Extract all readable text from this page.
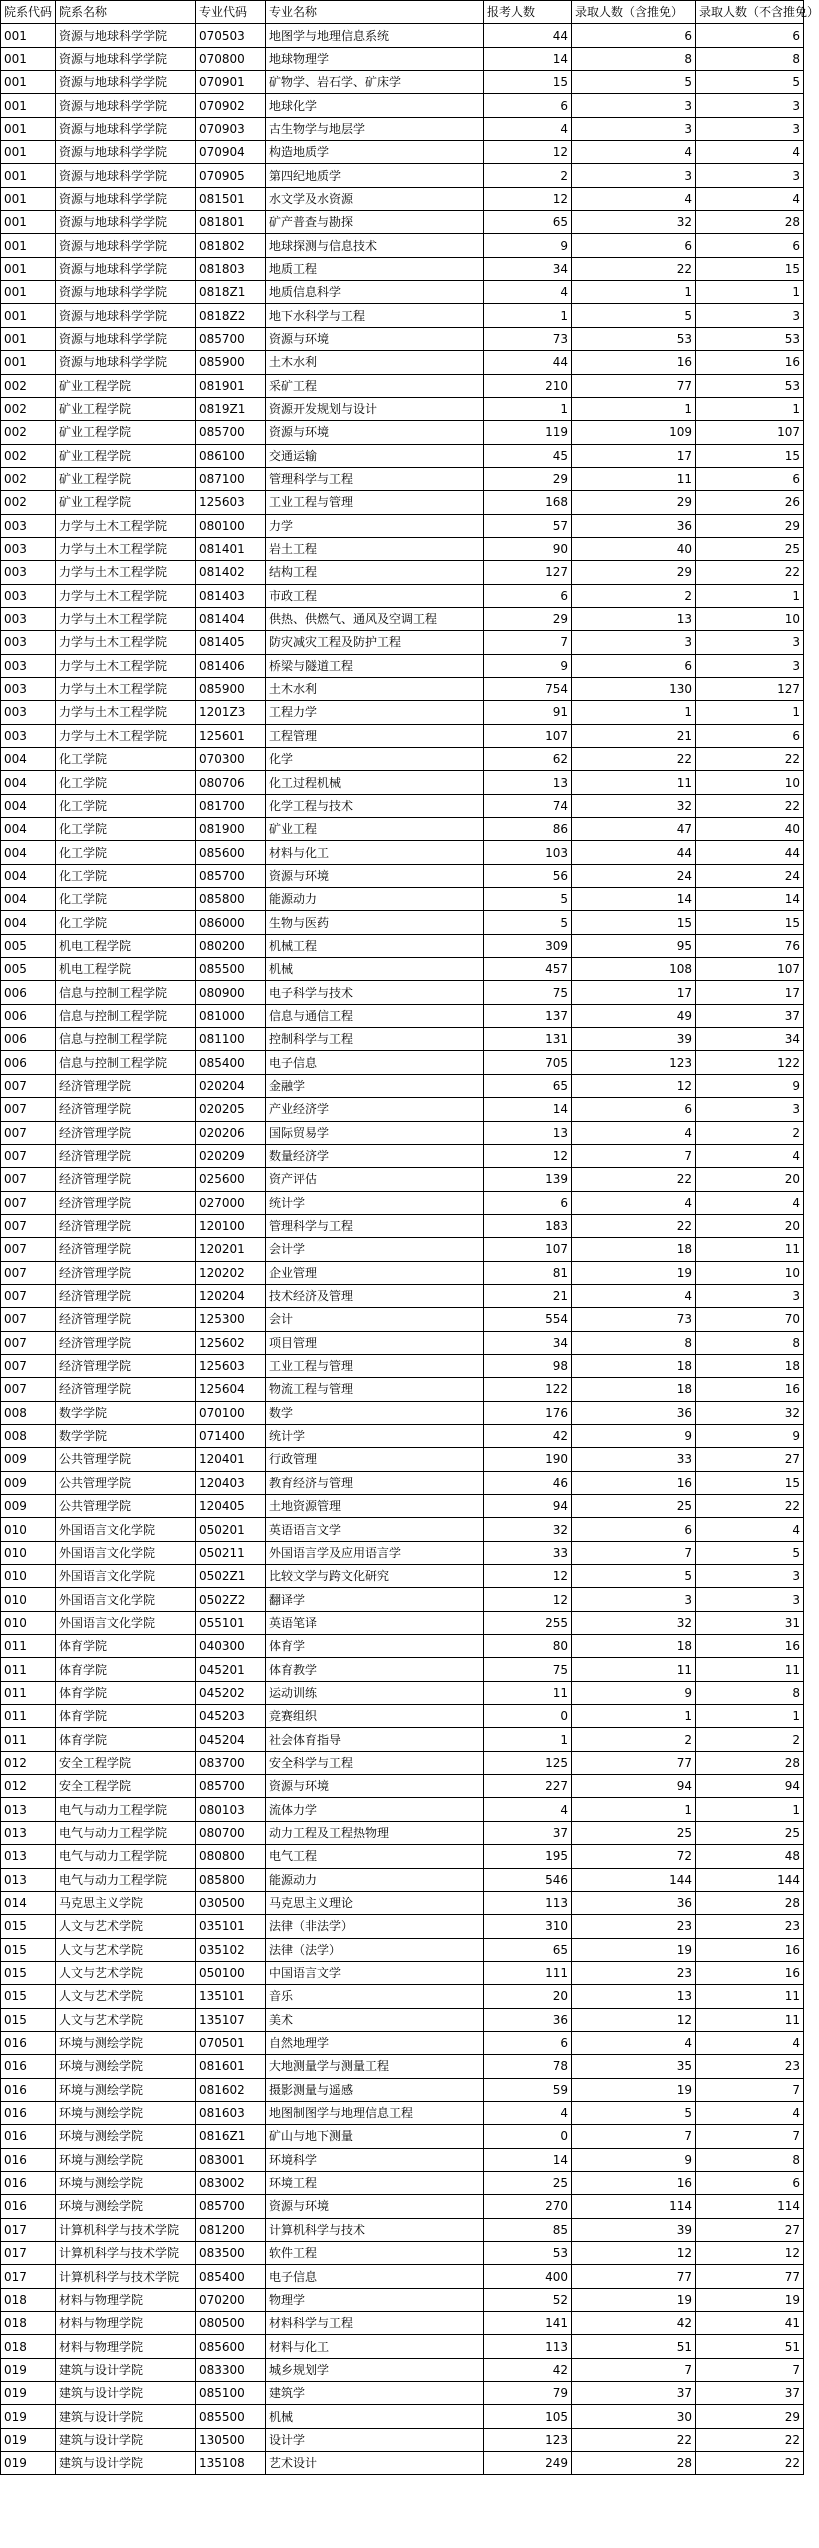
院系代码	院系名称	专业代码	专业名称	报考人数	录取人数（含推免）	录取人数（不含推免）
001	资源与地球科学学院	070503	地图学与地理信息系统	44	6	6
001	资源与地球科学学院	070800	地球物理学	14	8	8
001	资源与地球科学学院	070901	矿物学、岩石学、矿床学	15	5	5
001	资源与地球科学学院	070902	地球化学	6	3	3
001	资源与地球科学学院	070903	古生物学与地层学	4	3	3
001	资源与地球科学学院	070904	构造地质学	12	4	4
001	资源与地球科学学院	070905	第四纪地质学	2	3	3
001	资源与地球科学学院	081501	水文学及水资源	12	4	4
001	资源与地球科学学院	081801	矿产普查与勘探	65	32	28
001	资源与地球科学学院	081802	地球探测与信息技术	9	6	6
001	资源与地球科学学院	081803	地质工程	34	22	15
001	资源与地球科学学院	0818Z1	地质信息科学	4	1	1
001	资源与地球科学学院	0818Z2	地下水科学与工程	1	5	3
001	资源与地球科学学院	085700	资源与环境	73	53	53
001	资源与地球科学学院	085900	土木水利	44	16	16
002	矿业工程学院	081901	采矿工程	210	77	53
002	矿业工程学院	0819Z1	资源开发规划与设计	1	1	1
002	矿业工程学院	085700	资源与环境	119	109	107
002	矿业工程学院	086100	交通运输	45	17	15
002	矿业工程学院	087100	管理科学与工程	29	11	6
002	矿业工程学院	125603	工业工程与管理	168	29	26
003	力学与土木工程学院	080100	力学	57	36	29
003	力学与土木工程学院	081401	岩土工程	90	40	25
003	力学与土木工程学院	081402	结构工程	127	29	22
003	力学与土木工程学院	081403	市政工程	6	2	1
003	力学与土木工程学院	081404	供热、供燃气、通风及空调工程	29	13	10
003	力学与土木工程学院	081405	防灾减灾工程及防护工程	7	3	3
003	力学与土木工程学院	081406	桥梁与隧道工程	9	6	3
003	力学与土木工程学院	085900	土木水利	754	130	127
003	力学与土木工程学院	1201Z3	工程力学	91	1	1
003	力学与土木工程学院	125601	工程管理	107	21	6
004	化工学院	070300	化学	62	22	22
004	化工学院	080706	化工过程机械	13	11	10
004	化工学院	081700	化学工程与技术	74	32	22
004	化工学院	081900	矿业工程	86	47	40
004	化工学院	085600	材料与化工	103	44	44
004	化工学院	085700	资源与环境	56	24	24
004	化工学院	085800	能源动力	5	14	14
004	化工学院	086000	生物与医药	5	15	15
005	机电工程学院	080200	机械工程	309	95	76
005	机电工程学院	085500	机械	457	108	107
006	信息与控制工程学院	080900	电子科学与技术	75	17	17
006	信息与控制工程学院	081000	信息与通信工程	137	49	37
006	信息与控制工程学院	081100	控制科学与工程	131	39	34
006	信息与控制工程学院	085400	电子信息	705	123	122
007	经济管理学院	020204	金融学	65	12	9
007	经济管理学院	020205	产业经济学	14	6	3
007	经济管理学院	020206	国际贸易学	13	4	2
007	经济管理学院	020209	数量经济学	12	7	4
007	经济管理学院	025600	资产评估	139	22	20
007	经济管理学院	027000	统计学	6	4	4
007	经济管理学院	120100	管理科学与工程	183	22	20
007	经济管理学院	120201	会计学	107	18	11
007	经济管理学院	120202	企业管理	81	19	10
007	经济管理学院	120204	技术经济及管理	21	4	3
007	经济管理学院	125300	会计	554	73	70
007	经济管理学院	125602	项目管理	34	8	8
007	经济管理学院	125603	工业工程与管理	98	18	18
007	经济管理学院	125604	物流工程与管理	122	18	16
008	数学学院	070100	数学	176	36	32
008	数学学院	071400	统计学	42	9	9
009	公共管理学院	120401	行政管理	190	33	27
009	公共管理学院	120403	教育经济与管理	46	16	15
009	公共管理学院	120405	土地资源管理	94	25	22
010	外国语言文化学院	050201	英语语言文学	32	6	4
010	外国语言文化学院	050211	外国语言学及应用语言学	33	7	5
010	外国语言文化学院	0502Z1	比较文学与跨文化研究	12	5	3
010	外国语言文化学院	0502Z2	翻译学	12	3	3
010	外国语言文化学院	055101	英语笔译	255	32	31
011	体育学院	040300	体育学	80	18	16
011	体育学院	045201	体育教学	75	11	11
011	体育学院	045202	运动训练	11	9	8
011	体育学院	045203	竞赛组织	0	1	1
011	体育学院	045204	社会体育指导	1	2	2
012	安全工程学院	083700	安全科学与工程	125	77	28
012	安全工程学院	085700	资源与环境	227	94	94
013	电气与动力工程学院	080103	流体力学	4	1	1
013	电气与动力工程学院	080700	动力工程及工程热物理	37	25	25
013	电气与动力工程学院	080800	电气工程	195	72	48
013	电气与动力工程学院	085800	能源动力	546	144	144
014	马克思主义学院	030500	马克思主义理论	113	36	28
015	人文与艺术学院	035101	法律（非法学）	310	23	23
015	人文与艺术学院	035102	法律（法学）	65	19	16
015	人文与艺术学院	050100	中国语言文学	111	23	16
015	人文与艺术学院	135101	音乐	20	13	11
015	人文与艺术学院	135107	美术	36	12	11
016	环境与测绘学院	070501	自然地理学	6	4	4
016	环境与测绘学院	081601	大地测量学与测量工程	78	35	23
016	环境与测绘学院	081602	摄影测量与遥感	59	19	7
016	环境与测绘学院	081603	地图制图学与地理信息工程	4	5	4
016	环境与测绘学院	0816Z1	矿山与地下测量	0	7	7
016	环境与测绘学院	083001	环境科学	14	9	8
016	环境与测绘学院	083002	环境工程	25	16	6
016	环境与测绘学院	085700	资源与环境	270	114	114
017	计算机科学与技术学院	081200	计算机科学与技术	85	39	27
017	计算机科学与技术学院	083500	软件工程	53	12	12
017	计算机科学与技术学院	085400	电子信息	400	77	77
018	材料与物理学院	070200	物理学	52	19	19
018	材料与物理学院	080500	材料科学与工程	141	42	41
018	材料与物理学院	085600	材料与化工	113	51	51
019	建筑与设计学院	083300	城乡规划学	42	7	7
019	建筑与设计学院	085100	建筑学	79	37	37
019	建筑与设计学院	085500	机械	105	30	29
019	建筑与设计学院	130500	设计学	123	22	22
019	建筑与设计学院	135108	艺术设计	249	28	22
